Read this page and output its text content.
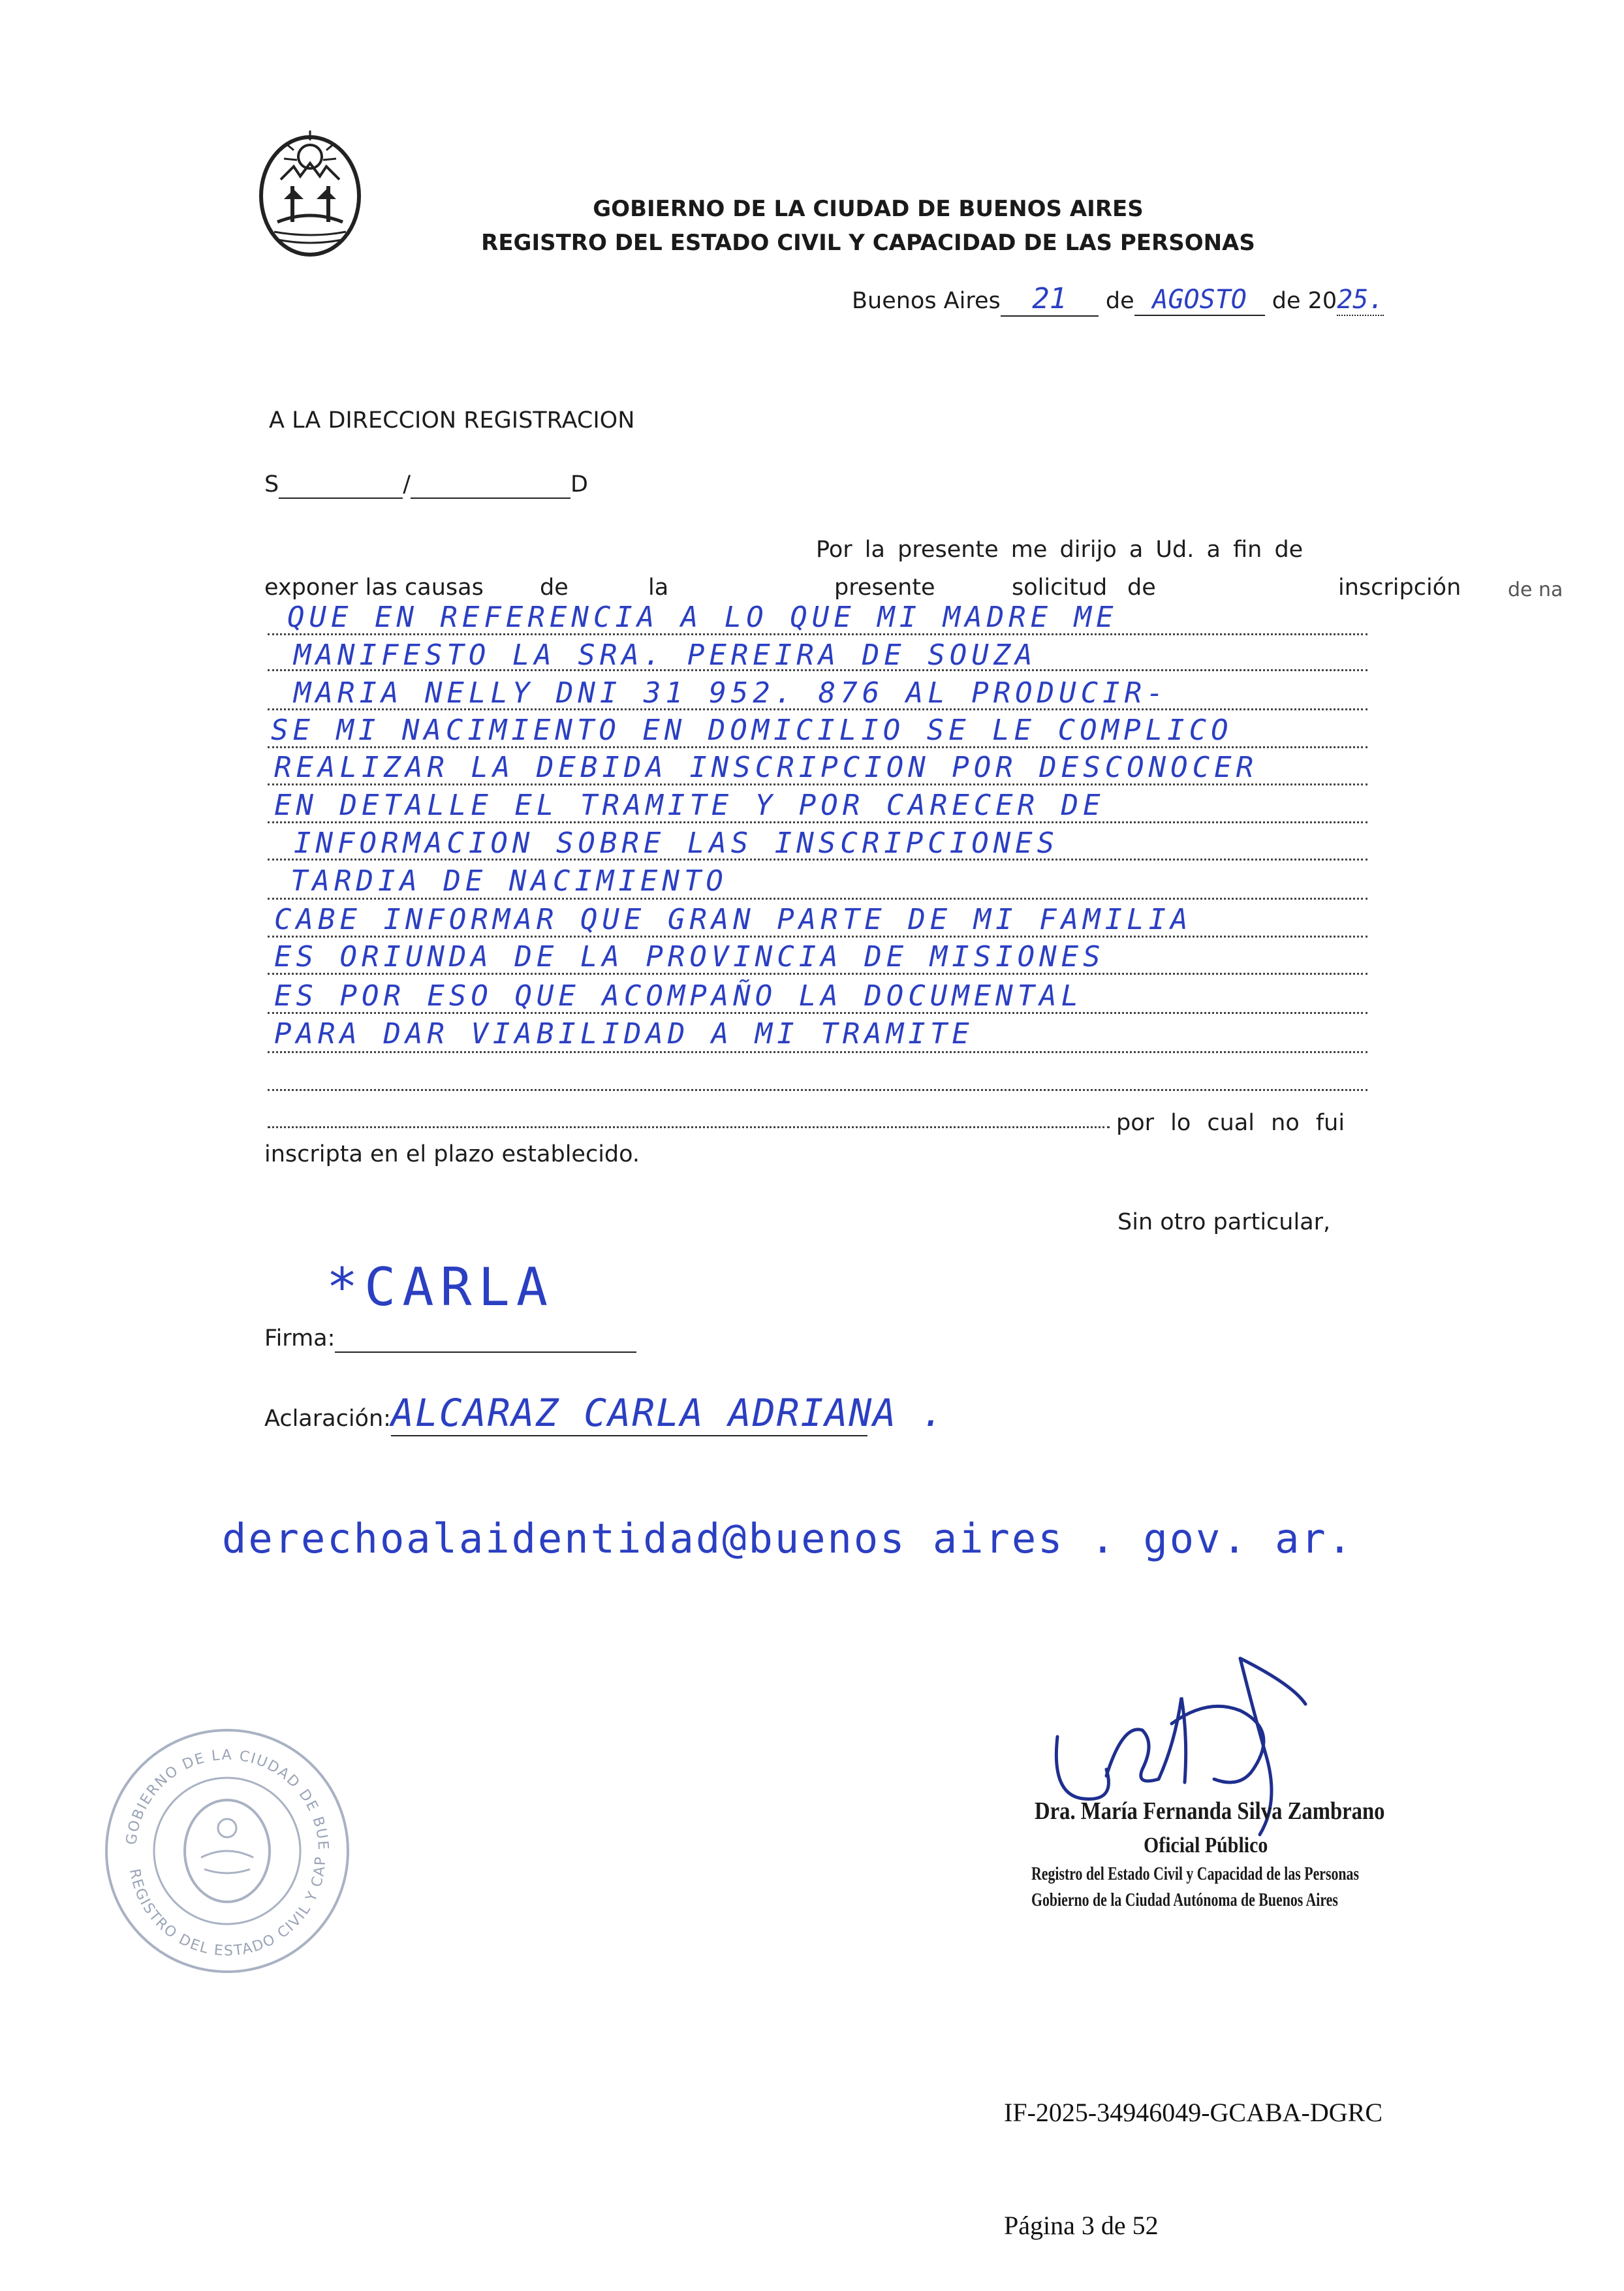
GOBIERNO DE LA CIUDAD DE BUENOS AIRES
REGISTRO DEL ESTADO CIVIL Y CAPACIDAD DE LAS PERSONAS
Buenos Aires 21 de AGOSTO de 2025.
A LA DIRECCION REGISTRACION
S	/	D
Por la presente me dirijo a Ud. a fin de
exponer las causas de	la	presente	solicitud de	inscripción de na
QUE EN REFERENCIA A LO QUE MI MADRE ME
MANIFESTO LA SRA. PEREIRA DE SOUZA
MARIA NELLY DNI 31 952. 876 AL PRODUCIR-
SE MI NACIMIENTO EN DOMICILIO SE LE COMPLICO
REALIZAR LA DEBIDA INSCRIPCION POR DESCONOCER
EN DETALLE EL TRAMITE Y POR CARECER DE
INFORMACION SOBRE LAS INSCRIPCIONES
TARDIA DE NACIMIENTO
CABE INFORMAR QUE GRAN PARTE DE MI FAMILIA
ES ORIUNDA DE LA PROVINCIA DE MISIONES
ES POR ESO QUE ACOMPAÑO LA DOCUMENTAL
PARA DAR VIABILIDAD A MI TRAMITE
por lo cual no fui
inscripta en el plazo establecido.
Sin otro particular,
*CARLA
Firma:
Aclaración:ALCARAZ CARLA ADRIANA .
derechoalaidentidad@buenos aires . gov. ar.
GOBIERNO DE LA CIUDAD DE BUE
REGISTRO DEL ESTADO CIVIL Y CAP
Dra. María Fernanda Silva Zambrano
Oficial Público
Registro del Estado Civil y Capacidad de las Personas
Gobierno de la Ciudad Autónoma de Buenos Aires
IF-2025-34946049-GCABA-DGRC
Página 3 de 52
